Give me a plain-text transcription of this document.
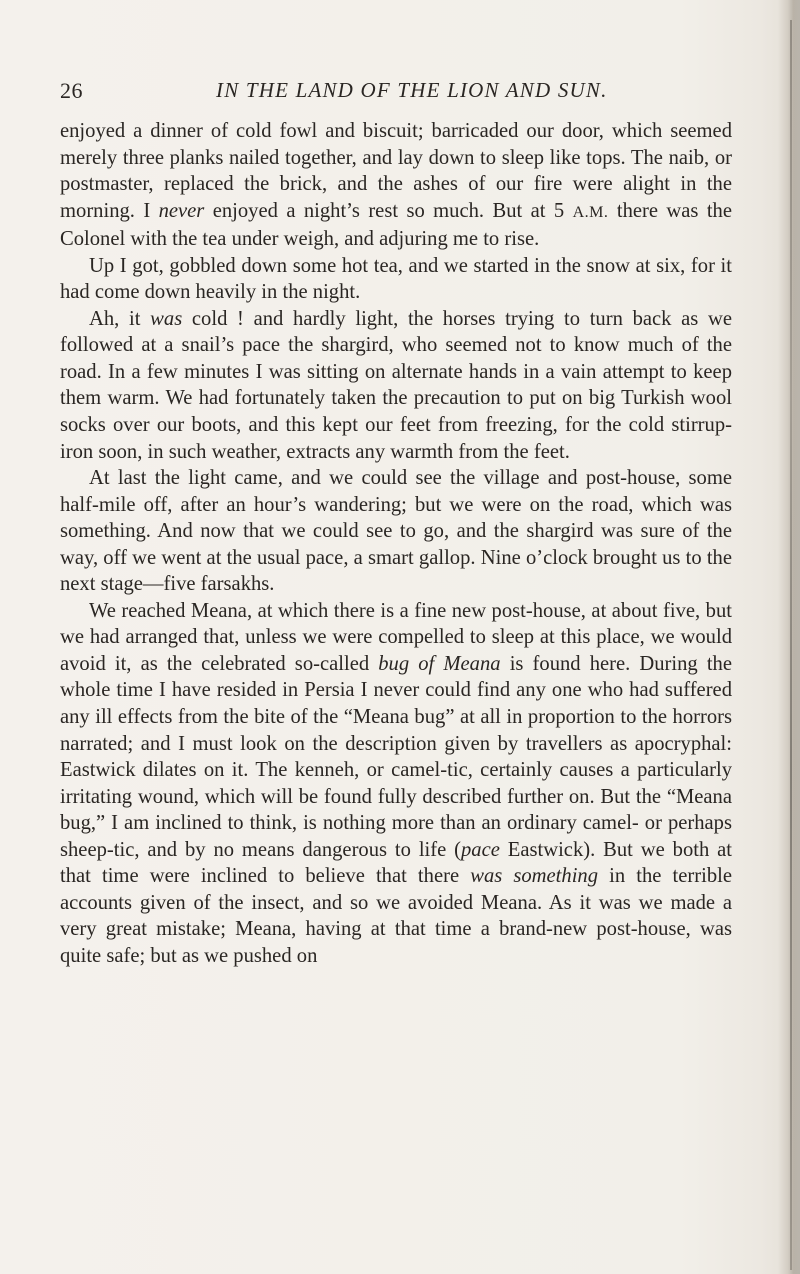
26	IN THE LAND OF THE LION AND SUN.

enjoyed a dinner of cold fowl and biscuit; barricaded our door, which seemed merely three planks nailed together, and lay down to sleep like tops. The naib, or postmaster, replaced the brick, and the ashes of our fire were alight in the morning. I never enjoyed a night’s rest so much. But at 5 A.M. there was the Colonel with the tea under weigh, and adjuring me to rise.

Up I got, gobbled down some hot tea, and we started in the snow at six, for it had come down heavily in the night.

Ah, it was cold ! and hardly light, the horses trying to turn back as we followed at a snail’s pace the shargird, who seemed not to know much of the road. In a few minutes I was sitting on alternate hands in a vain attempt to keep them warm. We had fortunately taken the precaution to put on big Turkish wool socks over our boots, and this kept our feet from freezing, for the cold stirrup-iron soon, in such weather, extracts any warmth from the feet.

At last the light came, and we could see the village and post-house, some half-mile off, after an hour’s wandering; but we were on the road, which was something. And now that we could see to go, and the shargird was sure of the way, off we went at the usual pace, a smart gallop. Nine o’clock brought us to the next stage—five farsakhs.

We reached Meana, at which there is a fine new post-house, at about five, but we had arranged that, unless we were compelled to sleep at this place, we would avoid it, as the celebrated so-called bug of Meana is found here. During the whole time I have resided in Persia I never could find any one who had suffered any ill effects from the bite of the “Meana bug” at all in proportion to the horrors narrated; and I must look on the description given by travellers as apocryphal: Eastwick dilates on it. The kenneh, or camel-tic, certainly causes a particularly irritating wound, which will be found fully described further on. But the “Meana bug,” I am inclined to think, is nothing more than an ordinary camel- or perhaps sheep-tic, and by no means dangerous to life (pace Eastwick). But we both at that time were inclined to believe that there was something in the terrible accounts given of the insect, and so we avoided Meana. As it was we made a very great mistake; Meana, having at that time a brand-new post-house, was quite safe; but as we pushed on
